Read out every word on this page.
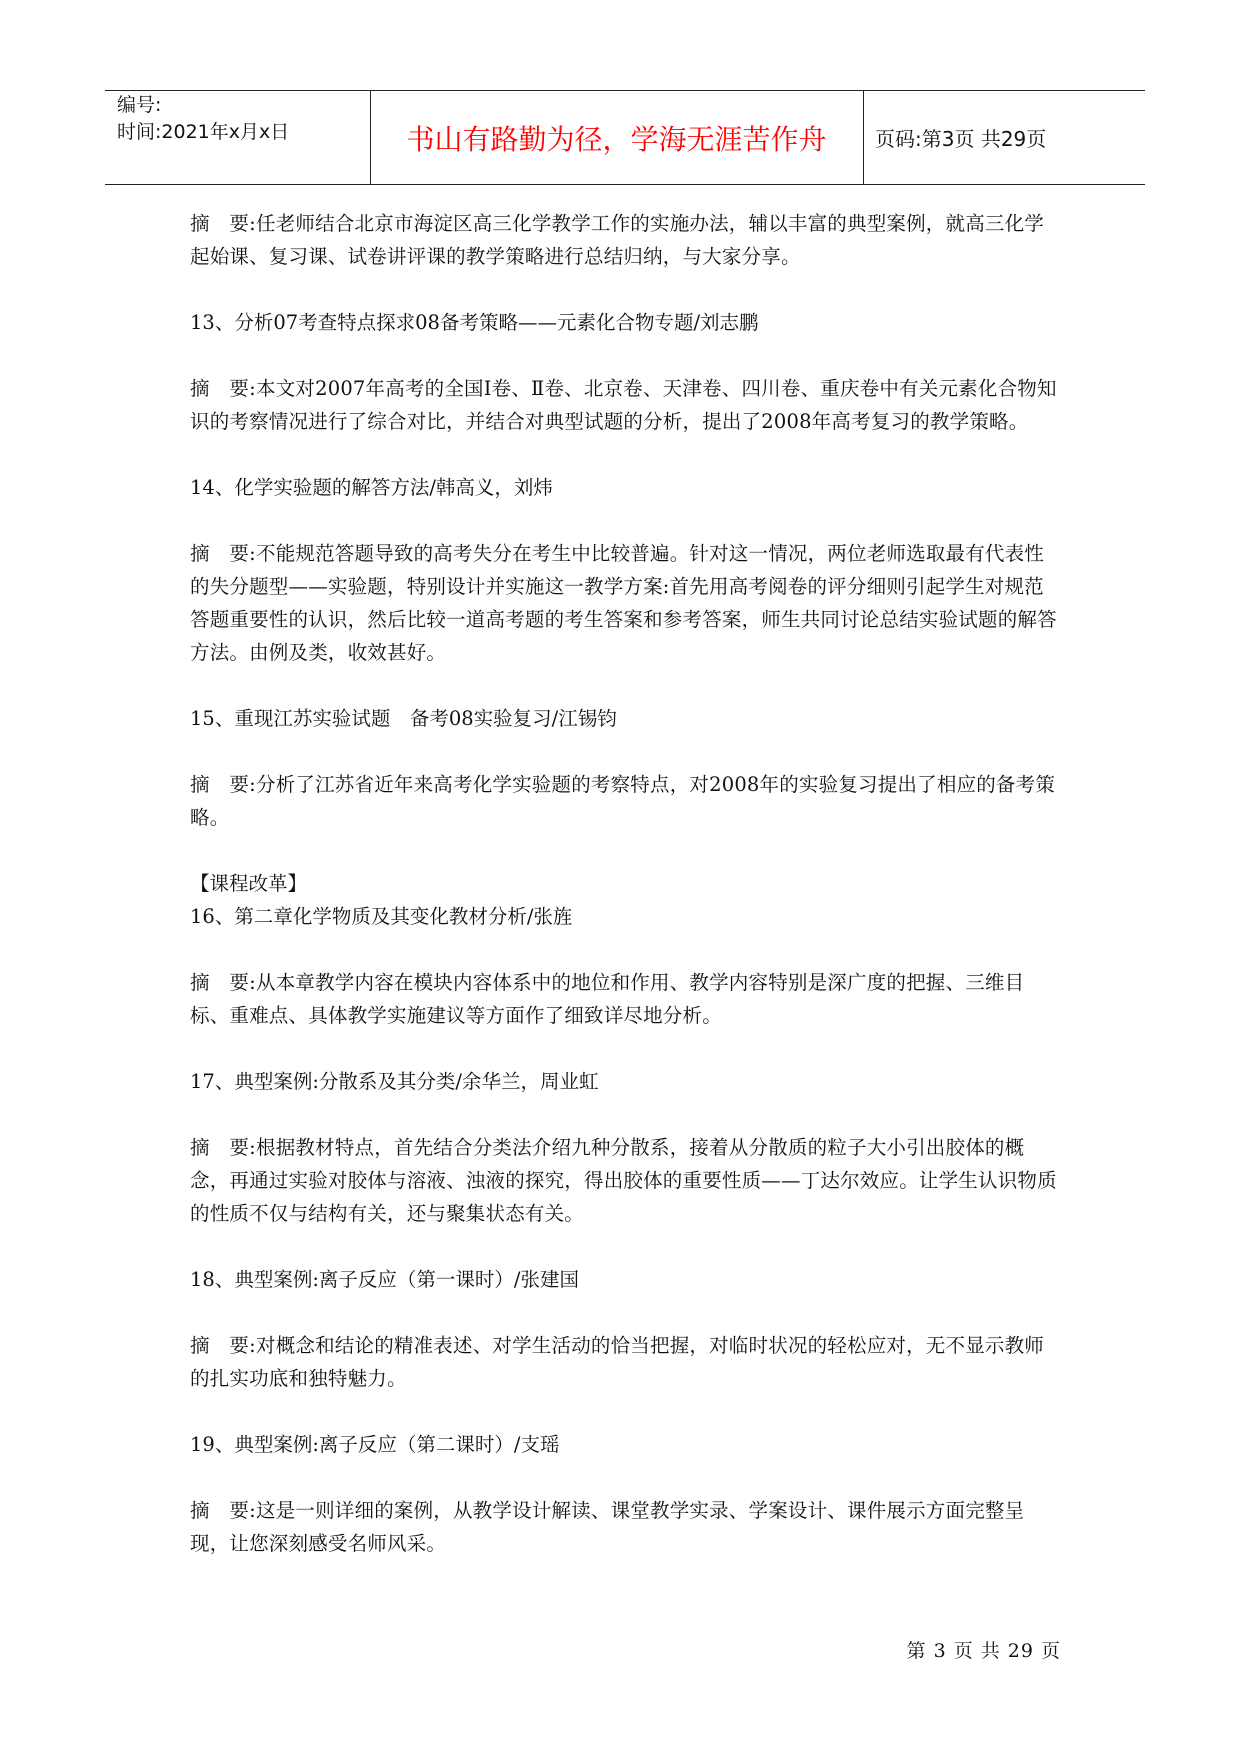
编号:
时间:2021年x月x日	书山有路勤为径，学海无涯苦作舟	页码:第3页 共29页
摘　要:任老师结合北京市海淀区高三化学教学工作的实施办法，辅以丰富的典型案例，就高三化学起始课、复习课、试卷讲评课的教学策略进行总结归纳，与大家分享。
13、分析07考查特点探求08备考策略——元素化合物专题/刘志鹏
摘　要:本文对2007年高考的全国Ⅰ卷、Ⅱ卷、北京卷、天津卷、四川卷、重庆卷中有关元素化合物知识的考察情况进行了综合对比，并结合对典型试题的分析，提出了2008年高考复习的教学策略。
14、化学实验题的解答方法/韩高义，刘炜
摘　要:不能规范答题导致的高考失分在考生中比较普遍。针对这一情况，两位老师选取最有代表性的失分题型——实验题，特别设计并实施这一教学方案:首先用高考阅卷的评分细则引起学生对规范答题重要性的认识，然后比较一道高考题的考生答案和参考答案，师生共同讨论总结实验试题的解答方法。由例及类，收效甚好。
15、重现江苏实验试题　备考08实验复习/江锡钧
摘　要:分析了江苏省近年来高考化学实验题的考察特点，对2008年的实验复习提出了相应的备考策略。
【课程改革】
16、第二章化学物质及其变化教材分析/张旌
摘　要:从本章教学内容在模块内容体系中的地位和作用、教学内容特别是深广度的把握、三维目标、重难点、具体教学实施建议等方面作了细致详尽地分析。
17、典型案例:分散系及其分类/余华兰，周业虹
摘　要:根据教材特点，首先结合分类法介绍九种分散系，接着从分散质的粒子大小引出胶体的概念，再通过实验对胶体与溶液、浊液的探究，得出胶体的重要性质——丁达尔效应。让学生认识物质的性质不仅与结构有关，还与聚集状态有关。
18、典型案例:离子反应（第一课时）/张建国
摘　要:对概念和结论的精准表述、对学生活动的恰当把握，对临时状况的轻松应对，无不显示教师的扎实功底和独特魅力。
19、典型案例:离子反应（第二课时）/支瑶
摘　要:这是一则详细的案例，从教学设计解读、课堂教学实录、学案设计、课件展示方面完整呈现，让您深刻感受名师风采。
第 3 页 共 29 页
